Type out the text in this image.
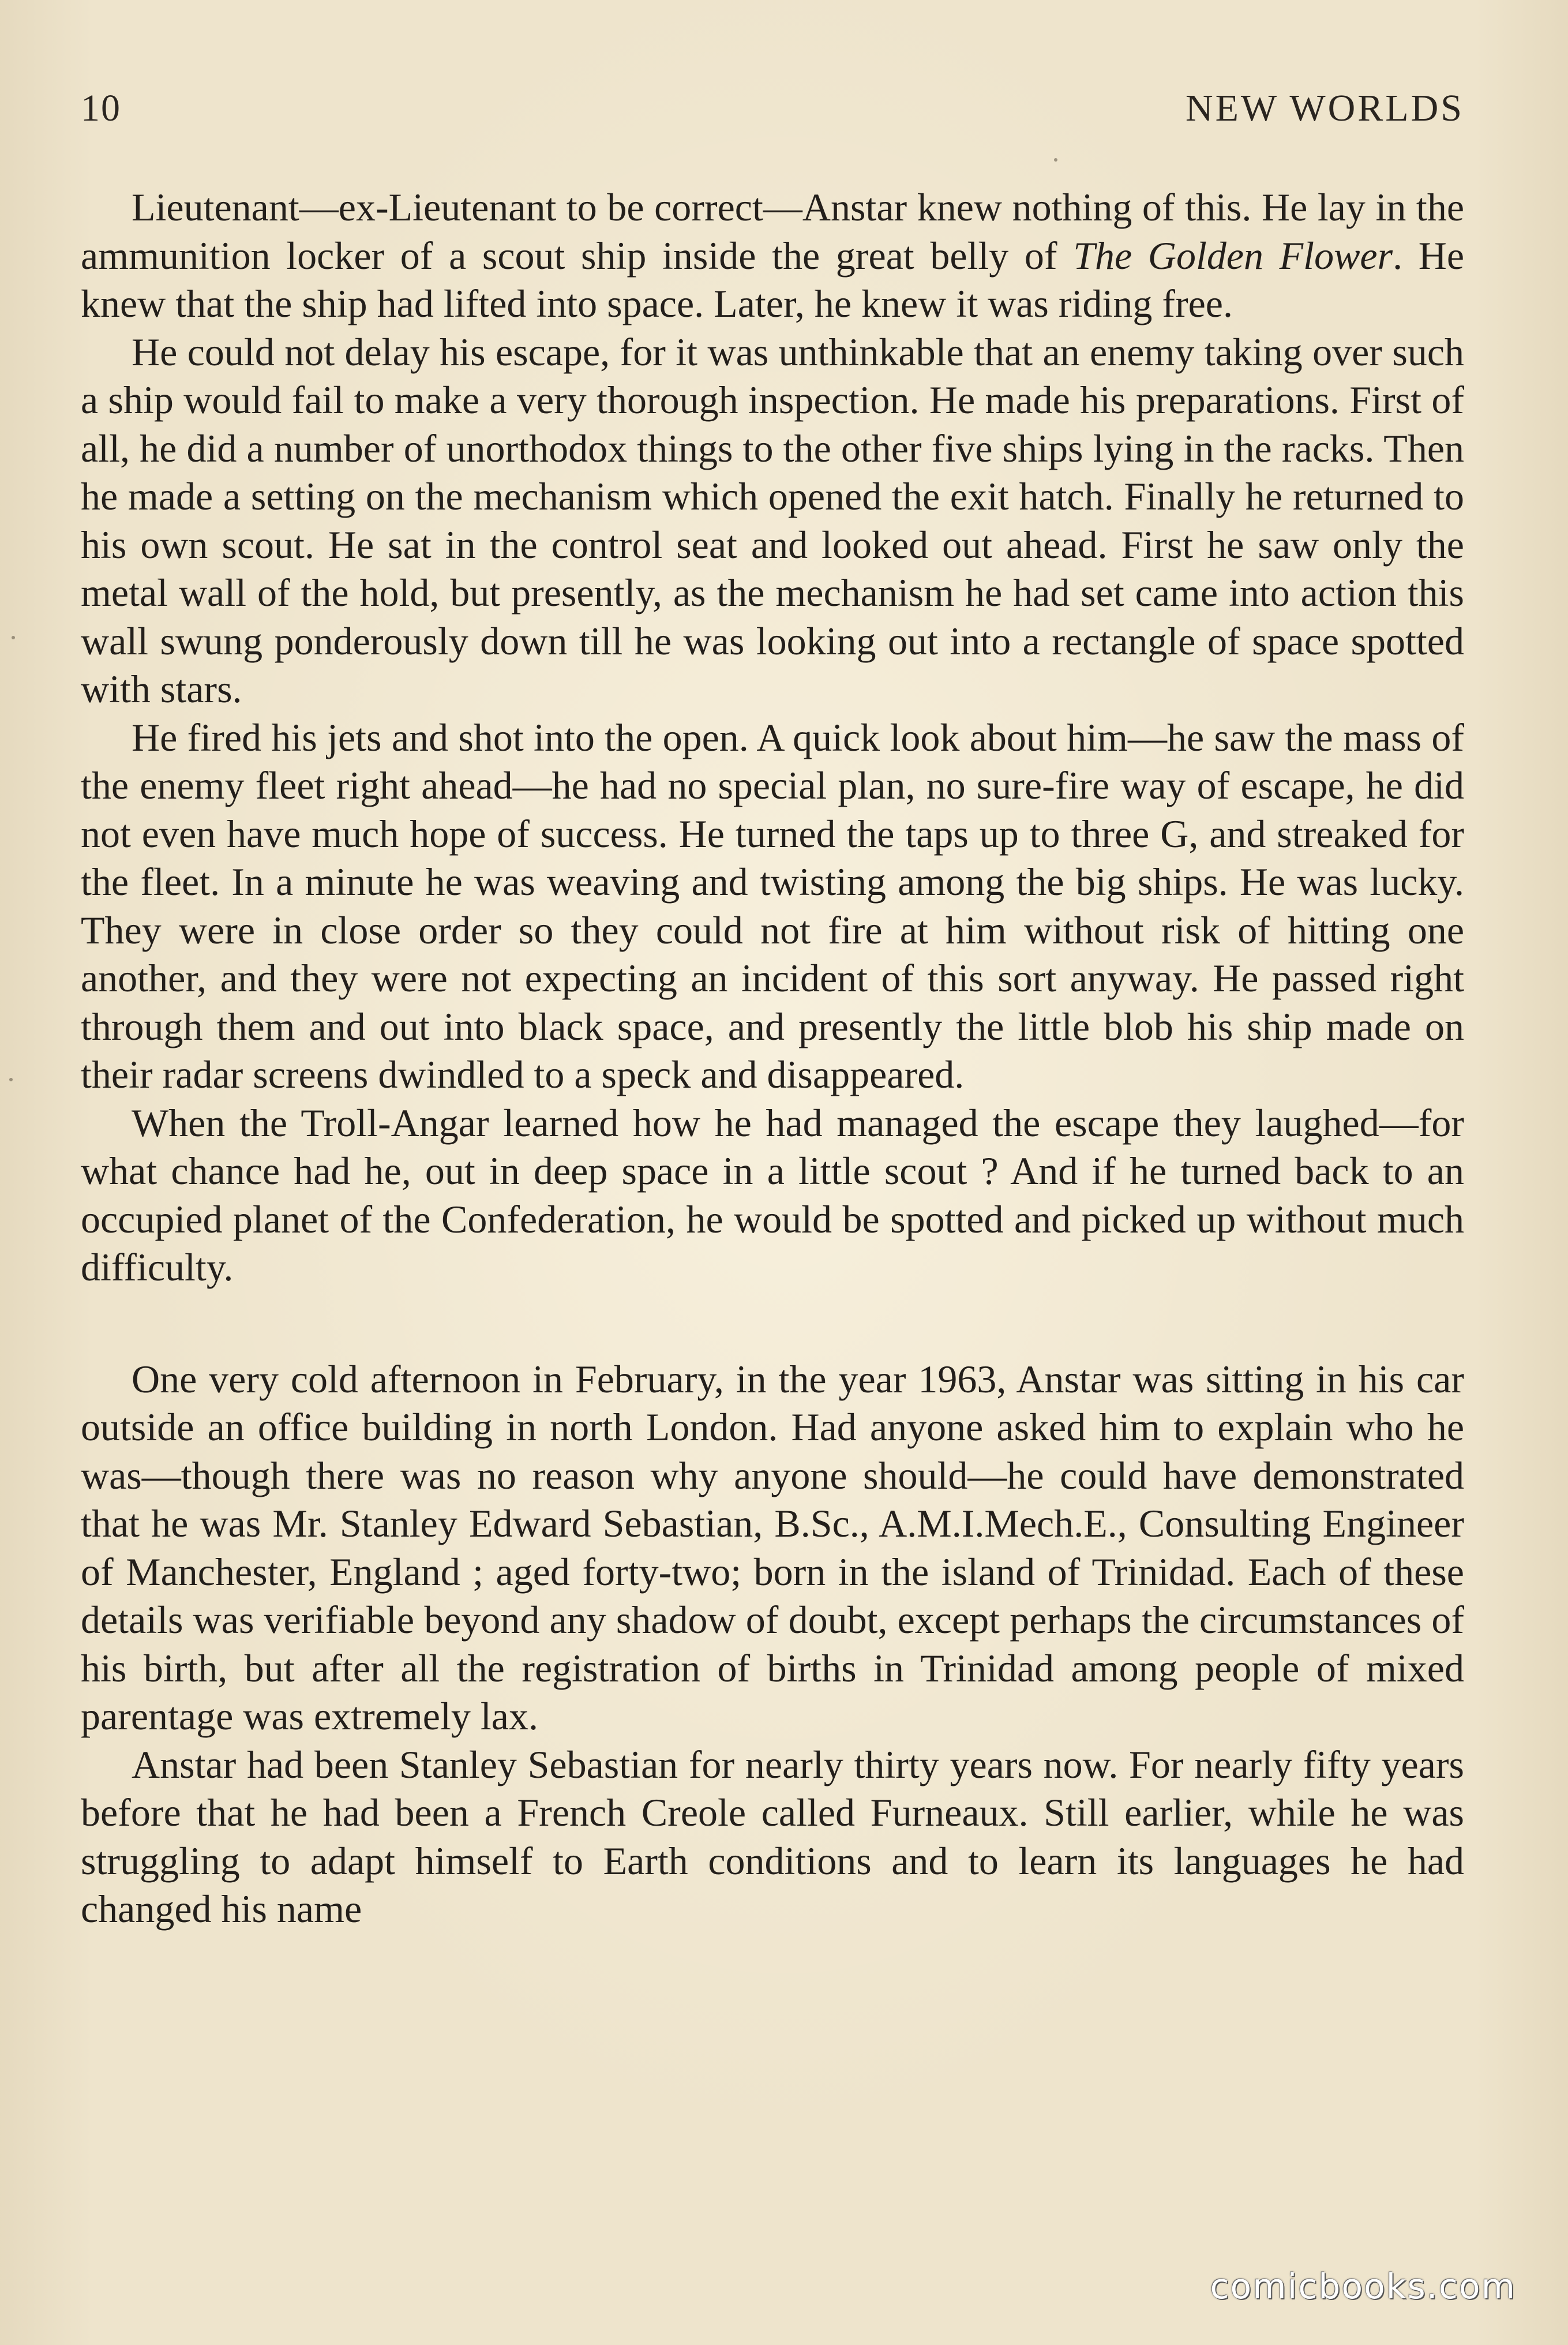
10	NEW WORLDS

Lieutenant—ex-Lieutenant to be correct—Anstar knew nothing of this. He lay in the ammunition locker of a scout ship inside the great belly of The Golden Flower. He knew that the ship had lifted into space. Later, he knew it was riding free.

He could not delay his escape, for it was unthinkable that an enemy taking over such a ship would fail to make a very thorough inspection. He made his preparations. First of all, he did a number of unorthodox things to the other five ships lying in the racks. Then he made a setting on the mechanism which opened the exit hatch. Finally he returned to his own scout. He sat in the control seat and looked out ahead. First he saw only the metal wall of the hold, but presently, as the mechanism he had set came into action this wall swung ponderously down till he was looking out into a rectangle of space spotted with stars.

He fired his jets and shot into the open. A quick look about him—he saw the mass of the enemy fleet right ahead—he had no special plan, no sure-fire way of escape, he did not even have much hope of success. He turned the taps up to three G, and streaked for the fleet. In a minute he was weaving and twisting among the big ships. He was lucky. They were in close order so they could not fire at him without risk of hitting one another, and they were not expecting an incident of this sort anyway. He passed right through them and out into black space, and presently the little blob his ship made on their radar screens dwindled to a speck and disappeared.

When the Troll-Angar learned how he had managed the escape they laughed—for what chance had he, out in deep space in a little scout ? And if he turned back to an occupied planet of the Confederation, he would be spotted and picked up without much difficulty.

One very cold afternoon in February, in the year 1963, Anstar was sitting in his car outside an office building in north London. Had anyone asked him to explain who he was—though there was no reason why anyone should—he could have demonstrated that he was Mr. Stanley Edward Sebastian, B.Sc., A.M.I.Mech.E., Consulting Engineer of Manchester, England ; aged forty-two; born in the island of Trinidad. Each of these details was verifiable beyond any shadow of doubt, except perhaps the circumstances of his birth, but after all the registration of births in Trinidad among people of mixed parentage was extremely lax.

Anstar had been Stanley Sebastian for nearly thirty years now. For nearly fifty years before that he had been a French Creole called Furneaux. Still earlier, while he was struggling to adapt himself to Earth conditions and to learn its languages he had changed his name

comicbooks.com
